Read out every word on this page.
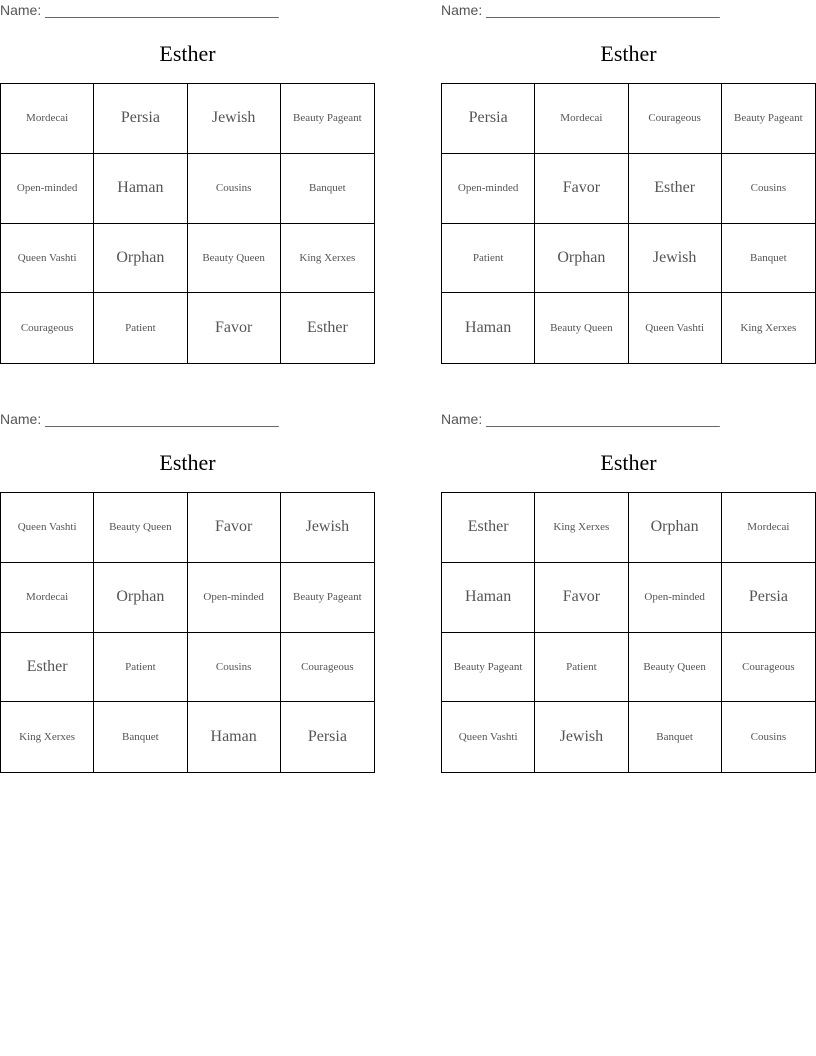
Name: ______________________________
Esther
Mordecai	Persia	Jewish	Beauty Pageant
Open-minded	Haman	Cousins	Banquet
Queen Vashti	Orphan	Beauty Queen	King Xerxes
Courageous	Patient	Favor	Esther
Name: ______________________________
Esther
Persia	Mordecai	Courageous	Beauty Pageant
Open-minded	Favor	Esther	Cousins
Patient	Orphan	Jewish	Banquet
Haman	Beauty Queen	Queen Vashti	King Xerxes
Name: ______________________________
Esther
Queen Vashti	Beauty Queen	Favor	Jewish
Mordecai	Orphan	Open-minded	Beauty Pageant
Esther	Patient	Cousins	Courageous
King Xerxes	Banquet	Haman	Persia
Name: ______________________________
Esther
Esther	King Xerxes	Orphan	Mordecai
Haman	Favor	Open-minded	Persia
Beauty Pageant	Patient	Beauty Queen	Courageous
Queen Vashti	Jewish	Banquet	Cousins
